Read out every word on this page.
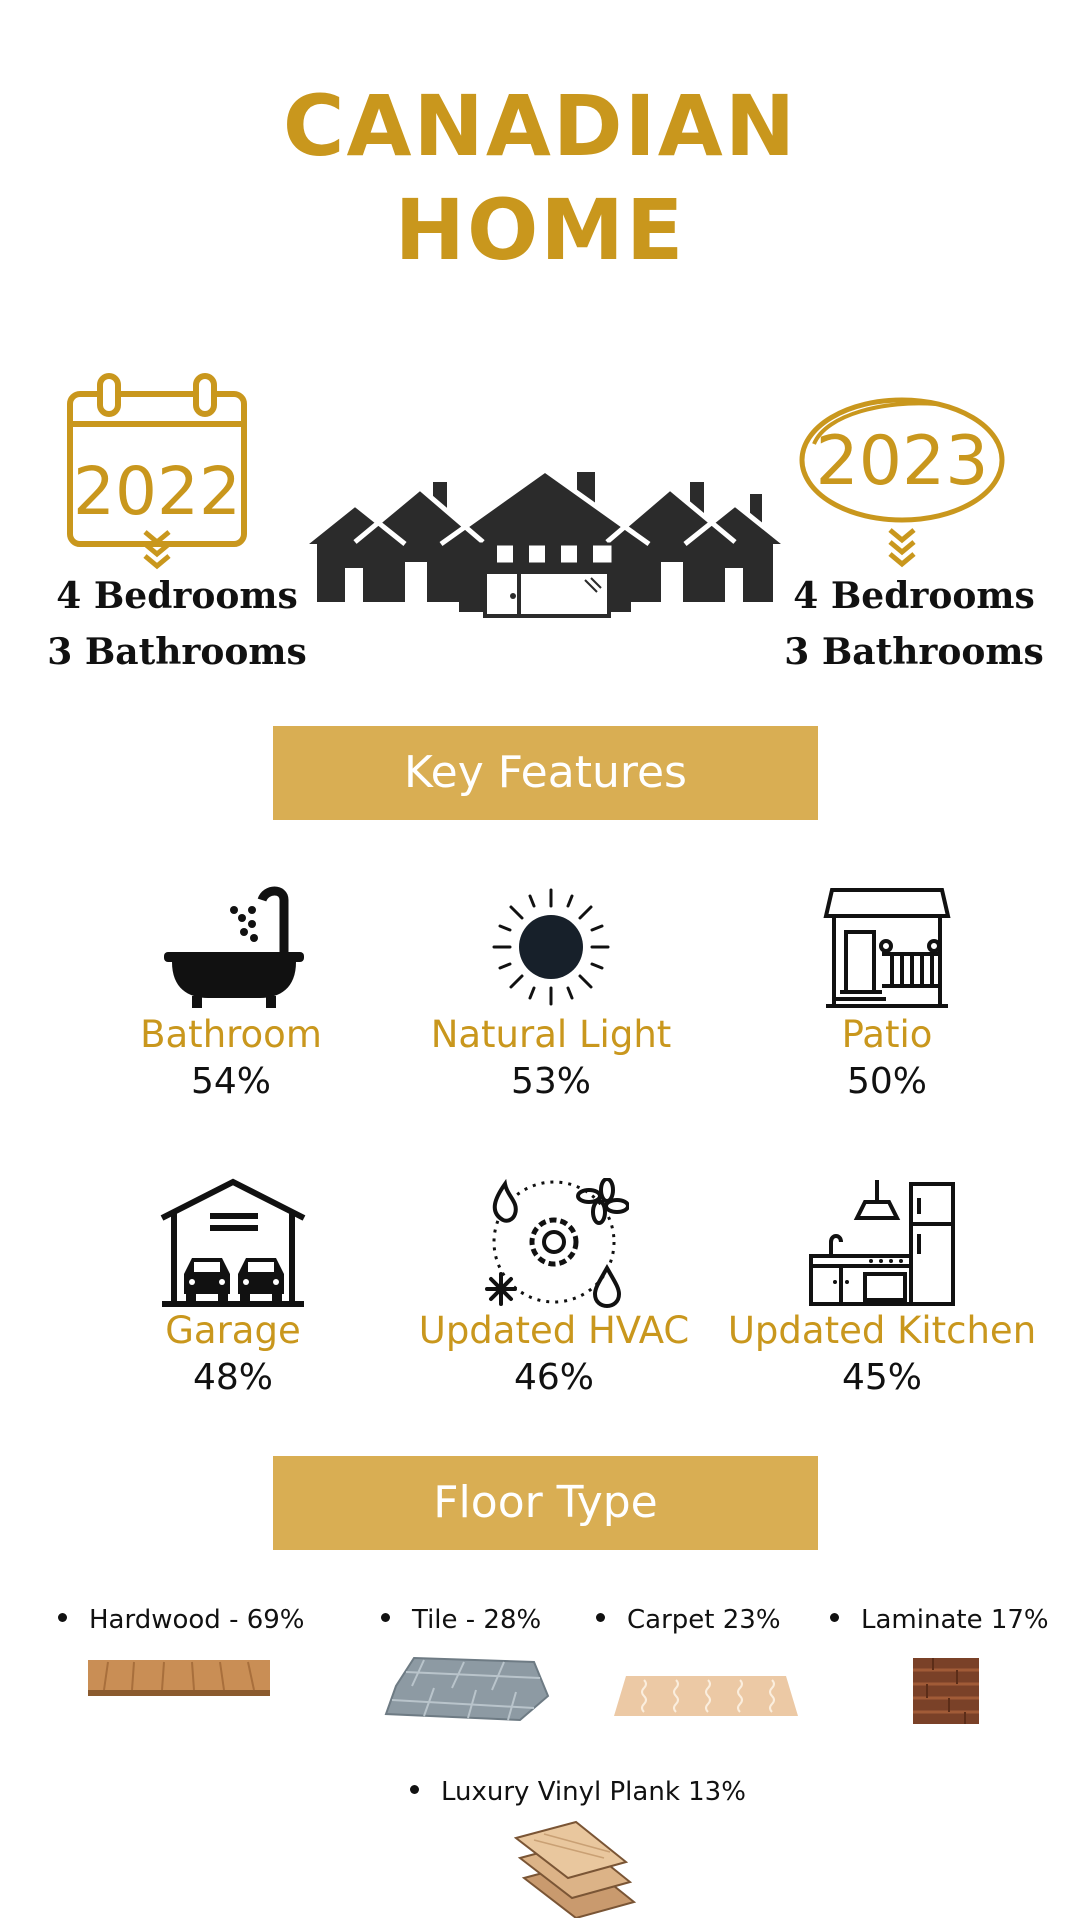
CANADIAN
HOME
2022
4 Bedrooms
3 Bathrooms
2023
4 Bedrooms
3 Bathrooms
Key Features
Bathroom
54%
Natural Light
53%
Patio
50%
Garage
48%
Updated HVAC
46%
Updated Kitchen
45%
Floor Type
Hardwood - 69%	Tile - 28%	Carpet 23%	Laminate 17%
Luxury Vinyl Plank 13%
